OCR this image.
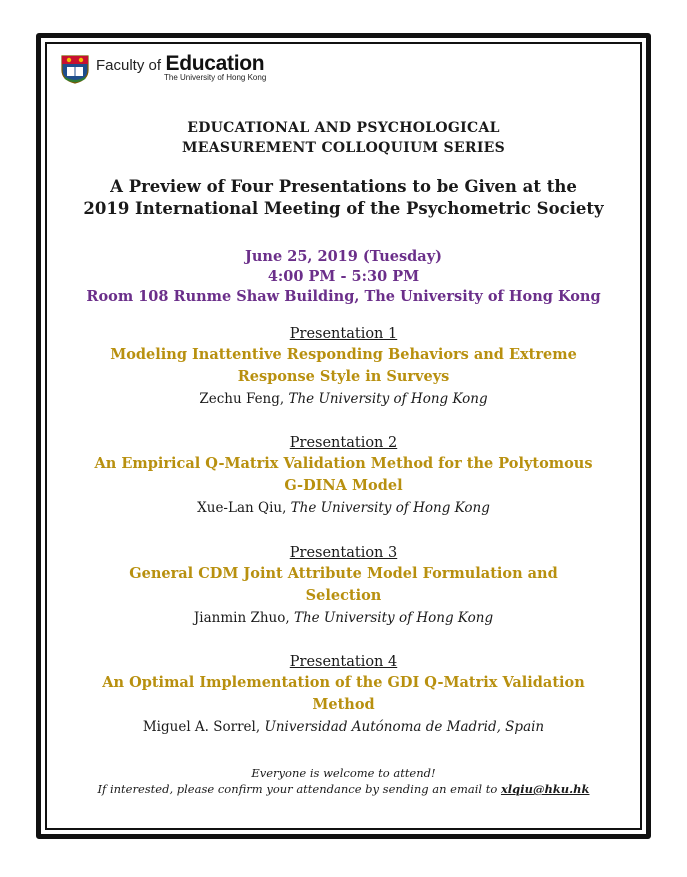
Faculty of Education
The University of Hong Kong
EDUCATIONAL AND PSYCHOLOGICAL
MEASUREMENT COLLOQUIUM SERIES
A Preview of Four Presentations to be Given at the
2019 International Meeting of the Psychometric Society
June 25, 2019 (Tuesday)
4:00 PM - 5:30 PM
Room 108 Runme Shaw Building, The University of Hong Kong
Presentation 1
Modeling Inattentive Responding Behaviors and Extreme
Response Style in Surveys
Zechu Feng, The University of Hong Kong
Presentation 2
An Empirical Q-Matrix Validation Method for the Polytomous
G-DINA Model
Xue-Lan Qiu, The University of Hong Kong
Presentation 3
General CDM Joint Attribute Model Formulation and
Selection
Jianmin Zhuo, The University of Hong Kong
Presentation 4
An Optimal Implementation of the GDI Q-Matrix Validation
Method
Miguel A. Sorrel, Universidad Autónoma de Madrid, Spain
Everyone is welcome to attend!
If interested, please confirm your attendance by sending an email to xlqiu@hku.hk
